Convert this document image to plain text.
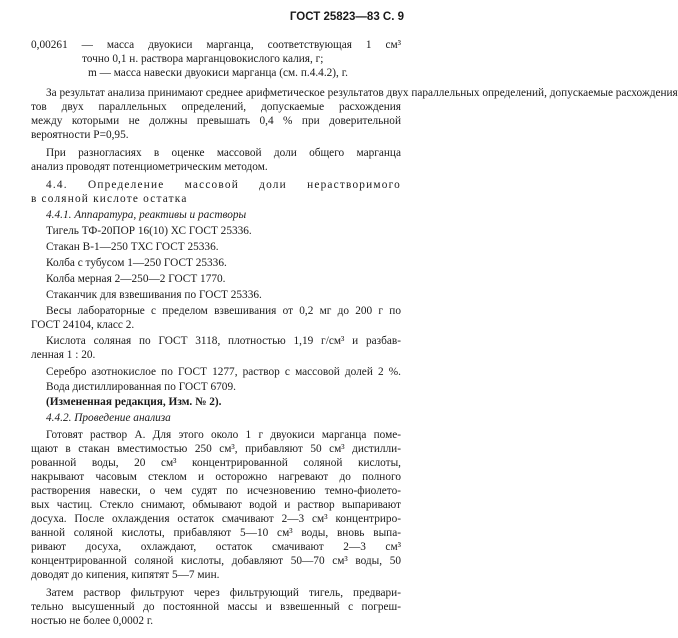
ГОСТ 25823—83 С. 9
0,00261 — масса двуокиси марганца, соответствующая 1 см³
точно 0,1 н. раствора марганцовокислого калия, г;
m — масса навески двуокиси марганца (см. п.4.4.2), г.
За результат анализа принимают среднее арифметическое результатов двух параллельных определений, допускаемые расхождения
тов двух параллельных определений, допускаемые расхождения
между которыми не должны превышать 0,4 % при доверительной
вероятности P=0,95.
При разногласиях в оценке массовой доли общего марганца
анализ проводят потенциометрическим методом.
4.4. Определение массовой доли нерастворимого
в соляной кислоте остатка
4.4.1. Аппаратура, реактивы и растворы
Тигель ТФ-20ПОР 16(10) ХС ГОСТ 25336.
Стакан В-1—250 ТХС ГОСТ 25336.
Колба с тубусом 1—250 ГОСТ 25336.
Колба мерная 2—250—2 ГОСТ 1770.
Стаканчик для взвешивания по ГОСТ 25336.
Весы лабораторные с пределом взвешивания от 0,2 мг до 200 г по
ГОСТ 24104, класс 2.
Кислота соляная по ГОСТ 3118, плотностью 1,19 г/см³ и разбав-
ленная 1 : 20.
Серебро азотнокислое по ГОСТ 1277, раствор с массовой долей 2 %.
Вода дистиллированная по ГОСТ 6709.
(Измененная редакция, Изм. № 2).
4.4.2. Проведение анализа
Готовят раствор А. Для этого около 1 г двуокиси марганца поме-
щают в стакан вместимостью 250 см³, прибавляют 50 см³ дистилли-
рованной воды, 20 см³ концентрированной соляной кислоты,
накрывают часовым стеклом и осторожно нагревают до полного
растворения навески, о чем судят по исчезновению темно-фиолето-
вых частиц. Стекло снимают, обмывают водой и раствор выпаривают
досуха. После охлаждения остаток смачивают 2—3 см³ концентриро-
ванной соляной кислоты, прибавляют 5—10 см³ воды, вновь выпа-
ривают досуха, охлаждают, остаток смачивают 2—3 см³
концентрированной соляной кислоты, добавляют 50—70 см³ воды, 50
доводят до кипения, кипятят 5—7 мин.
Затем раствор фильтруют через фильтрующий тигель, предвари-
тельно высушенный до постоянной массы и взвешенный с погреш-
ностью не более 0,0002 г.
